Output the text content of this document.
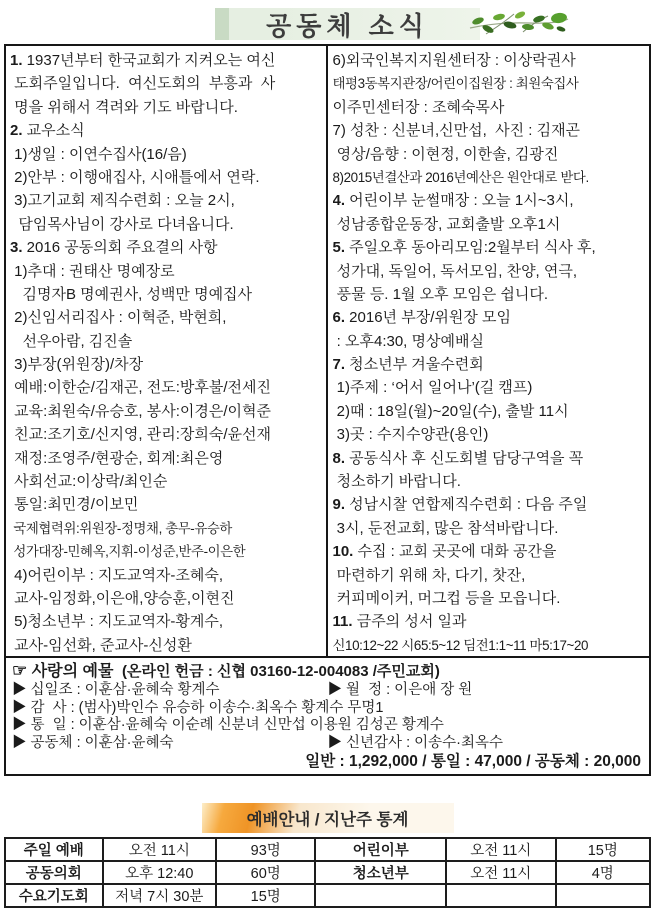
공동체 소식
1. 1937년부터 한국교회가 지켜오는 여신
도회주일입니다.  여신도회의  부흥과  사
명을 위해서 격려와 기도 바랍니다.
2. 교우소식
1)생일 : 이연수집사(16/음)
2)안부 : 이행애집사, 시애틀에서 연락.
3)고기교회 제직수련회 : 오늘 2시,
담임목사님이 강사로 다녀옵니다.
3. 2016 공동의회 주요결의 사항
1)추대 : 권태산 명예장로
김명자B 명예권사, 성백만 명예집사
2)신임서리집사 : 이혁준, 박현희,
선우아람, 김진솔
3)부장(위원장)/차장
예배:이한순/김재곤, 전도:방후불/전세진
교육:최원숙/유승호, 봉사:이경은/이혁준
친교:조기호/신지영, 관리:장희숙/윤선재
재정:조영주/현광순, 회계:최은영
사회선교:이상락/최인순
통일:최민경/이보민
국제협력위:위원장-정명채, 총무-유승하
성가대장-민혜옥,지휘-이성준,반주-이은한
4)어린이부 : 지도교역자-조혜숙,
교사-임정화,이은애,양승훈,이현진
5)청소년부 : 지도교역자-황계수,
교사-임선화, 준교사-신성환
6)외국인복지지원센터장 : 이상락권사
태평3동복지관장/어린이집원장 : 최원숙집사
이주민센터장 : 조혜숙목사
7) 성찬 : 신분녀,신만섭,  사진 : 김재곤
영상/음향 : 이현정, 이한솔, 김광진
8)2015년결산과 2016년예산은 원안대로 받다.
4. 어린이부 눈썰매장 : 오늘 1시~3시,
성남종합운동장, 교회출발 오후1시
5. 주일오후 동아리모임:2월부터 식사 후,
성가대, 독일어, 독서모임, 찬양, 연극,
풍물 등. 1월 오후 모임은 쉽니다.
6. 2016년 부장/위원장 모임
: 오후4:30, 명상예배실
7. 청소년부 겨울수련회
1)주제 : ‘어서 일어나’(길 캠프)
2)때 : 18일(월)~20일(수), 출발 11시
3)곳 : 수지수양관(용인)
8. 공동식사 후 신도회별 담당구역을 꼭
청소하기 바랍니다.
9. 성남시찰 연합제직수련회 : 다음 주일
3시, 둔전교회, 많은 참석바랍니다.
10. 수집 : 교회 곳곳에 대화 공간을
마련하기 위해 차, 다기, 찻잔,
커피메이커, 머그컵 등을 모읍니다.
11. 금주의 성서 일과
신10:12~22 시65:5~12 딤전1:1~11 마5:17~20
☞ 사랑의 예물  (온라인 헌금 : 신협 03160-12-004083 /주민교회)
▶ 십일조 : 이훈삼·윤혜숙 황계수	▶ 월  정 : 이은애 장 원
▶ 감  사 : (범사)박인수 유승하 이송수·최옥수 황계수 무명1
▶ 통  일 : 이훈삼·윤혜숙 이순례 신분녀 신만섭 이용원 김성곤 황계수
▶ 공동체 : 이훈삼·윤혜숙	▶ 신년감사 : 이송수·최옥수
일반 : 1,292,000 / 통일 : 47,000 / 공동체 : 20,000
예배안내 / 지난주 통계
주일 예배	오전 11시	93명	어린이부	오전 11시	15명
공동의회	오후 12:40	60명	청소년부	오전 11시	4명
수요기도회	저녁 7시 30분	15명			
